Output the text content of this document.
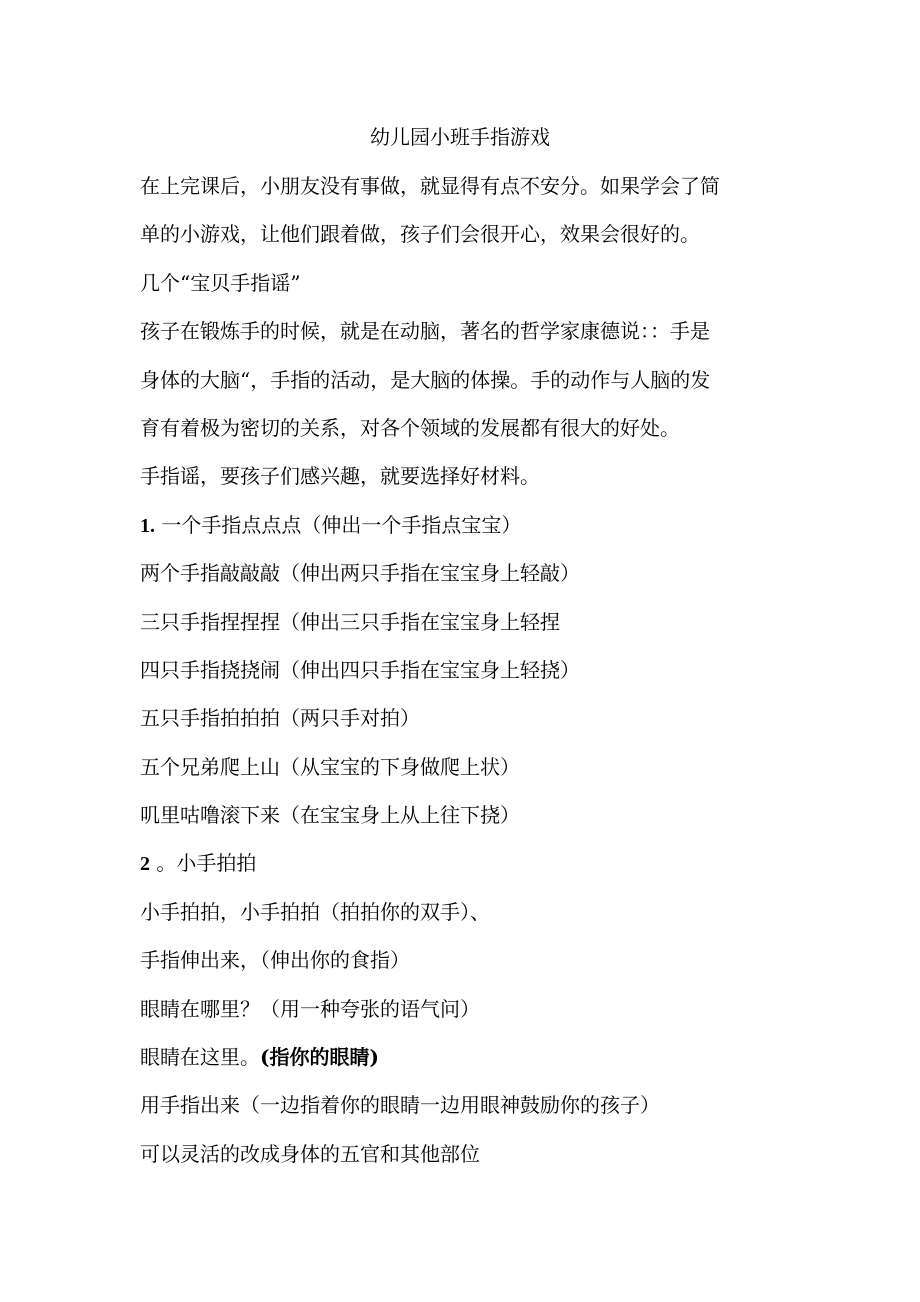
幼儿园小班手指游戏
在上完课后，小朋友没有事做，就显得有点不安分。如果学会了简
单的小游戏，让他们跟着做，孩子们会很开心，效果会很好的。
几个“宝贝手指谣”
孩子在锻炼手的时候，就是在动脑，著名的哲学家康德说：：手是
身体的大脑“，手指的活动，是大脑的体操。手的动作与人脑的发
育有着极为密切的关系，对各个领域的发展都有很大的好处。
手指谣，要孩子们感兴趣，就要选择好材料。
1. 一个手指点点点（伸出一个手指点宝宝）
两个手指敲敲敲（伸出两只手指在宝宝身上轻敲）
三只手指捏捏捏（伸出三只手指在宝宝身上轻捏
四只手指挠挠闹（伸出四只手指在宝宝身上轻挠）
五只手指拍拍拍（两只手对拍）
五个兄弟爬上山（从宝宝的下身做爬上状）
叽里咕噜滚下来（在宝宝身上从上往下挠）
2 。小手拍拍
小手拍拍，小手拍拍（拍拍你的双手）、
手指伸出来，（伸出你的食指）
眼睛在哪里？（用一种夸张的语气问）
眼睛在这里。(指你的眼睛)
用手指出来（一边指着你的眼睛一边用眼神鼓励你的孩子）
可以灵活的改成身体的五官和其他部位
